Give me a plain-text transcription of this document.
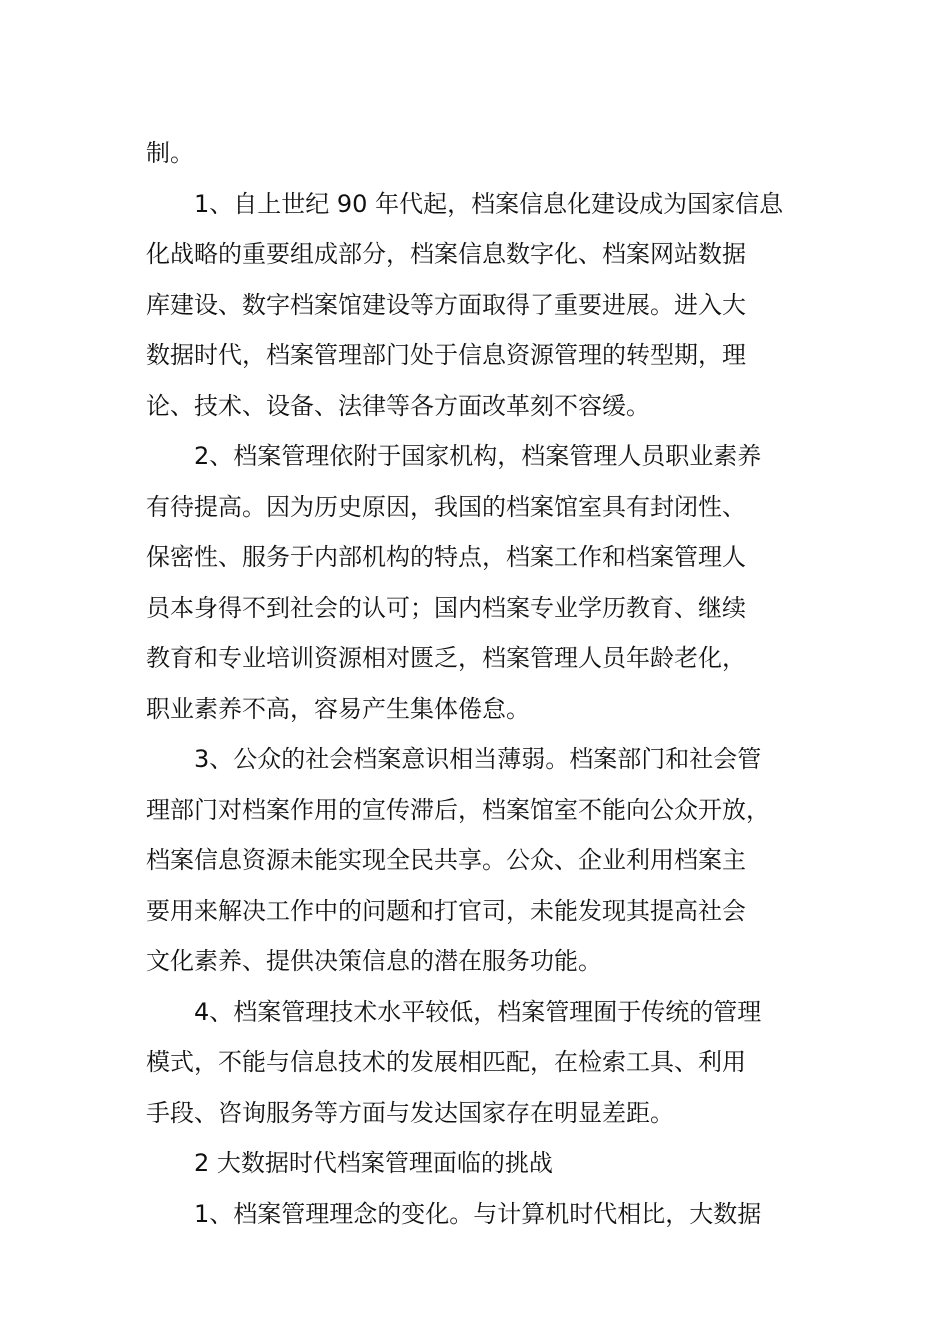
制。
1、自上世纪 90 年代起，档案信息化建设成为国家信息
化战略的重要组成部分，档案信息数字化、档案网站数据
库建设、数字档案馆建设等方面取得了重要进展。进入大
数据时代，档案管理部门处于信息资源管理的转型期，理
论、技术、设备、法律等各方面改革刻不容缓。
2、档案管理依附于国家机构，档案管理人员职业素养
有待提高。因为历史原因，我国的档案馆室具有封闭性、
保密性、服务于内部机构的特点，档案工作和档案管理人
员本身得不到社会的认可；国内档案专业学历教育、继续
教育和专业培训资源相对匮乏，档案管理人员年龄老化，
职业素养不高，容易产生集体倦怠。
3、公众的社会档案意识相当薄弱。档案部门和社会管
理部门对档案作用的宣传滞后，档案馆室不能向公众开放，
档案信息资源未能实现全民共享。公众、企业利用档案主
要用来解决工作中的问题和打官司，未能发现其提高社会
文化素养、提供决策信息的潜在服务功能。
4、档案管理技术水平较低，档案管理囿于传统的管理
模式，不能与信息技术的发展相匹配，在检索工具、利用
手段、咨询服务等方面与发达国家存在明显差距。
2 大数据时代档案管理面临的挑战
1、档案管理理念的变化。与计算机时代相比，大数据
